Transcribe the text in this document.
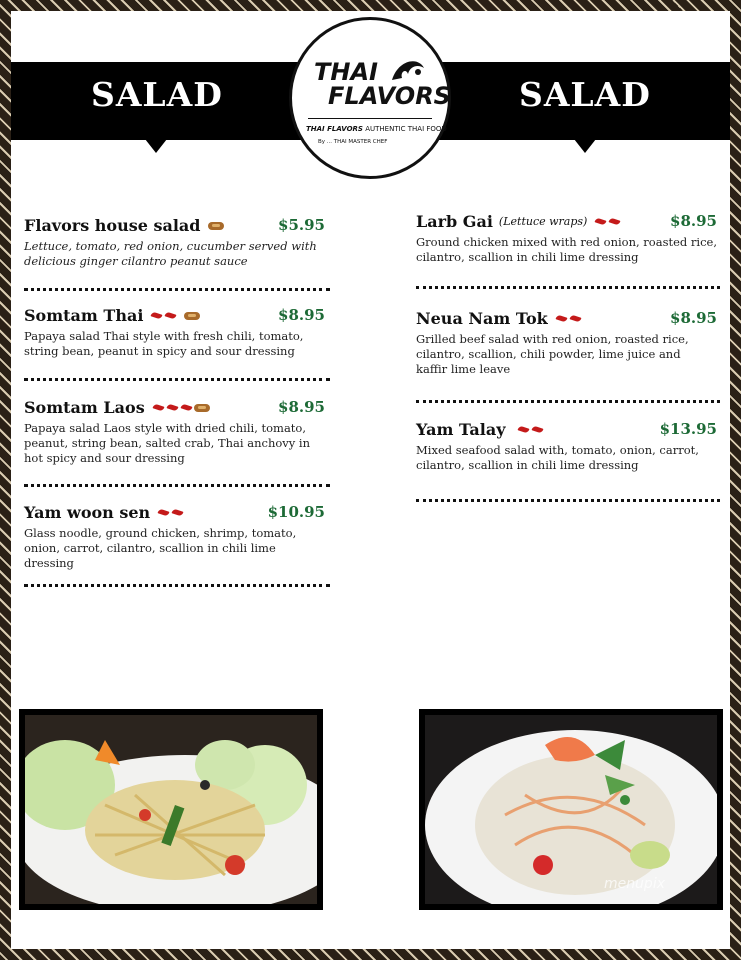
SALAD	SALAD
THAI
FLAVORS
THAI FLAVORS AUTHENTIC THAI FOOD
By ... THAI MASTER CHEF
Flavors house salad	$5.95
Lettuce, tomato, red onion, cucumber served with delicious ginger cilantro peanut sauce
Somtam Thai	$8.95
Papaya salad Thai style with fresh chili, tomato, string bean, peanut in spicy and sour dressing
Somtam Laos	$8.95
Papaya salad Laos style with dried chili, tomato, peanut, string bean, salted crab, Thai anchovy in hot spicy and sour dressing
Yam woon sen	$10.95
Glass noodle, ground chicken, shrimp, tomato, onion, carrot, cilantro, scallion in chili lime dressing
Larb Gai (Lettuce wraps)	$8.95
Ground chicken mixed with red onion, roasted rice, cilantro, scallion in chili lime dressing
Neua Nam Tok	$8.95
Grilled beef salad with red onion, roasted rice, cilantro, scallion, chili powder, lime juice and kaffir lime leave
Yam Talay	$13.95
Mixed seafood salad with, tomato, onion, carrot, cilantro, scallion in chili lime dressing
menupix
